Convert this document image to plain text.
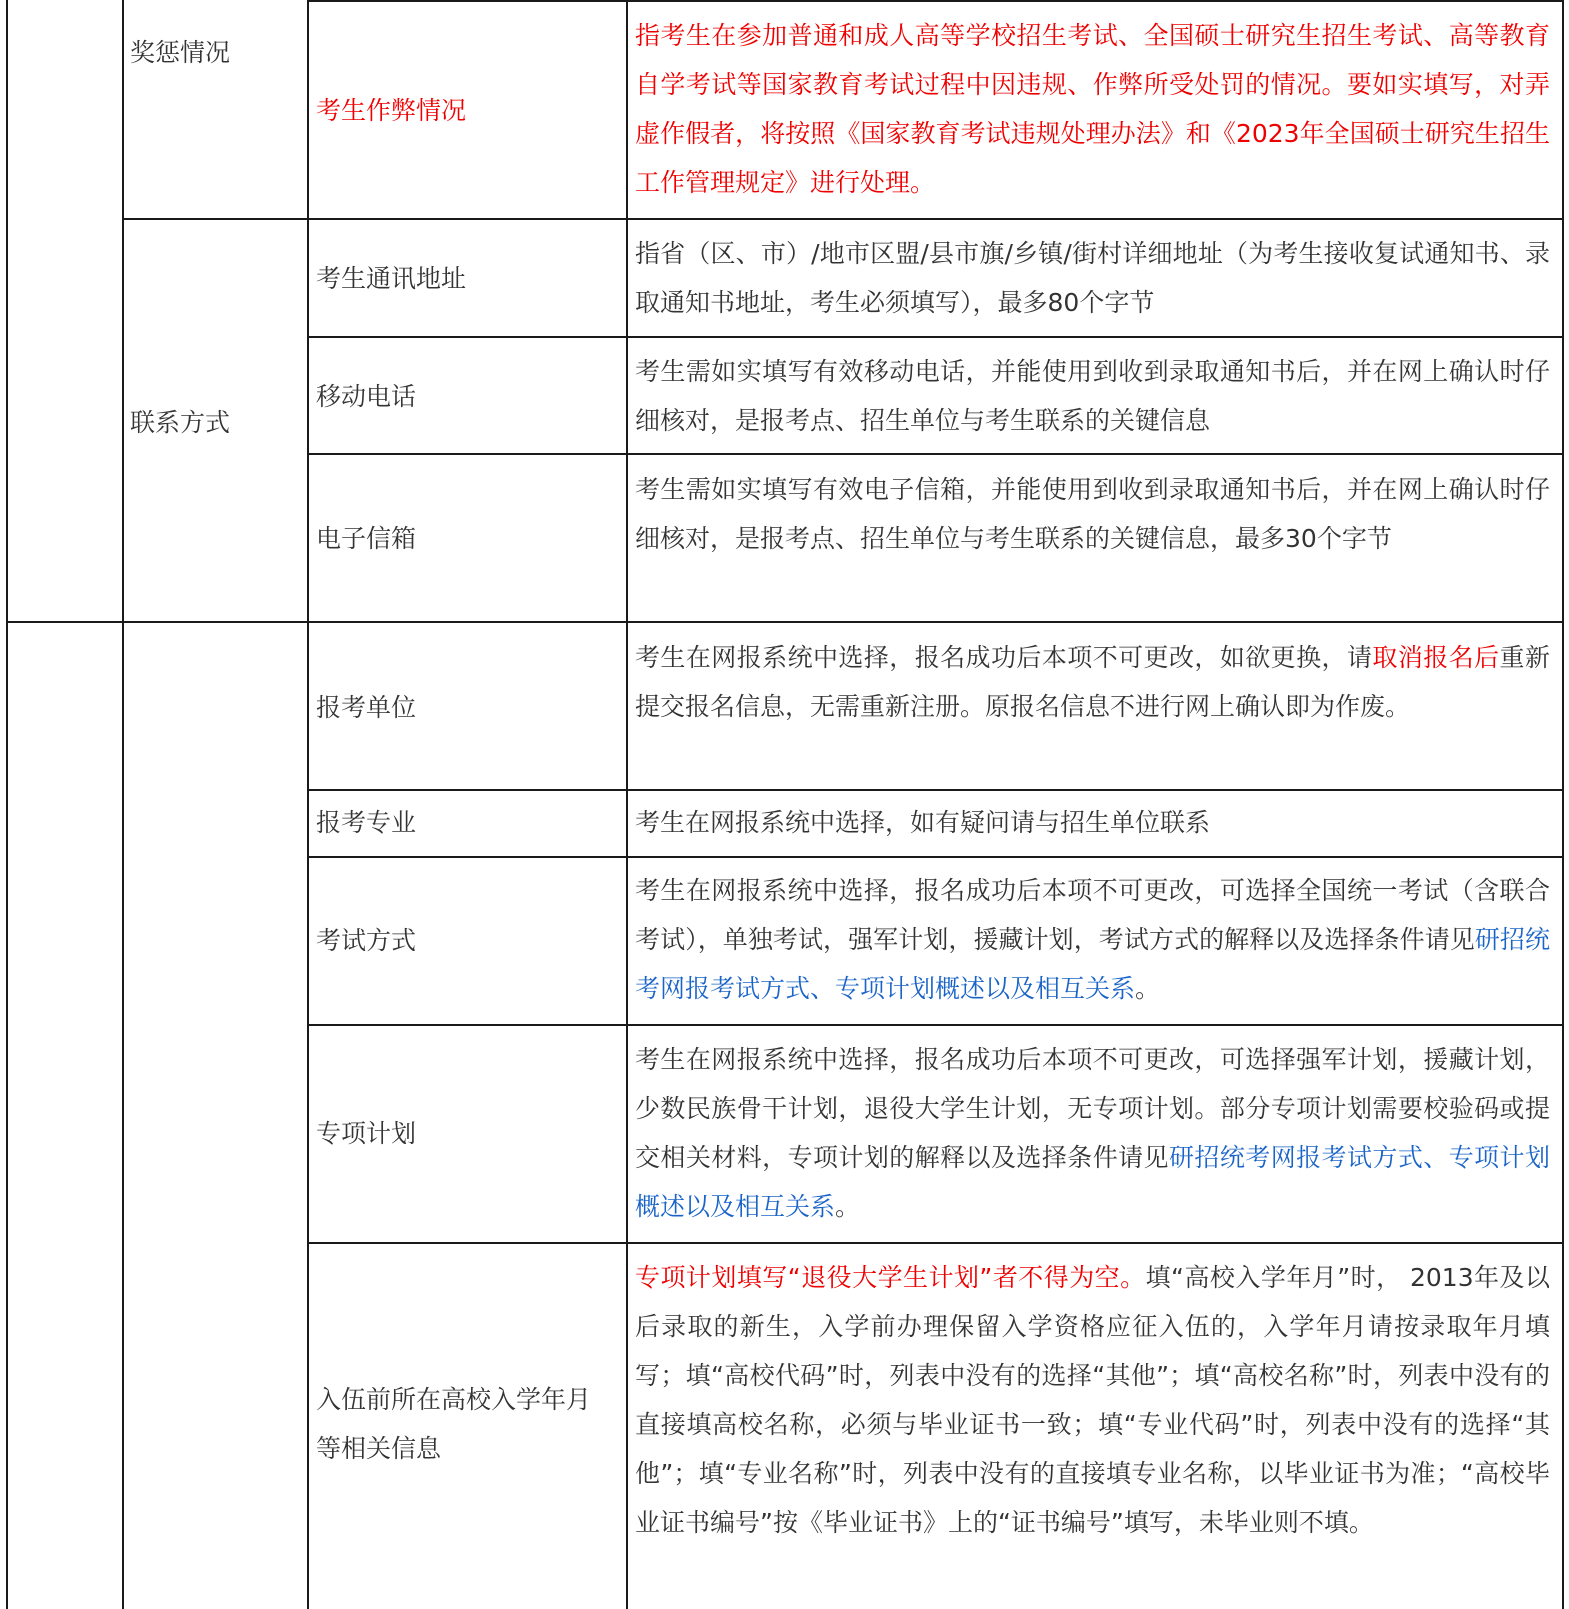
奖惩情况
考生作弊情况
指考生在参加普通和成人高等学校招生考试、全国硕士研究生招生考试、高等教育自学考试等国家教育考试过程中因违规、作弊所受处罚的情况。要如实填写，对弄虚作假者，将按照《国家教育考试违规处理办法》和《2023年全国硕士研究生招生工作管理规定》进行处理。
联系方式
考生通讯地址
指省（区、市）/地市区盟/县市旗/乡镇/街村详细地址（为考生接收复试通知书、录取通知书地址，考生必须填写），最多80个字节
移动电话
考生需如实填写有效移动电话，并能使用到收到录取通知书后，并在网上确认时仔细核对，是报考点、招生单位与考生联系的关键信息
电子信箱
考生需如实填写有效电子信箱，并能使用到收到录取通知书后，并在网上确认时仔细核对，是报考点、招生单位与考生联系的关键信息，最多30个字节
报考单位
考生在网报系统中选择，报名成功后本项不可更改，如欲更换，请取消报名后重新提交报名信息，无需重新注册。原报名信息不进行网上确认即为作废。
报考专业	考生在网报系统中选择，如有疑问请与招生单位联系
考试方式
考生在网报系统中选择，报名成功后本项不可更改，可选择全国统一考试（含联合考试），单独考试，强军计划，援藏计划，考试方式的解释以及选择条件请见研招统考网报考试方式、专项计划概述以及相互关系。
专项计划
考生在网报系统中选择，报名成功后本项不可更改，可选择强军计划，援藏计划，少数民族骨干计划，退役大学生计划，无专项计划。部分专项计划需要校验码或提交相关材料，专项计划的解释以及选择条件请见研招统考网报考试方式、专项计划概述以及相互关系。
入伍前所在高校入学年月等相关信息
专项计划填写“退役大学生计划”者不得为空。填“高校入学年月”时， 2013年及以后录取的新生，入学前办理保留入学资格应征入伍的，入学年月请按录取年月填写；填“高校代码”时，列表中没有的选择“其他”；填“高校名称”时，列表中没有的直接填高校名称，必须与毕业证书一致；填“专业代码”时，列表中没有的选择“其他”；填“专业名称”时，列表中没有的直接填专业名称，以毕业证书为准；“高校毕业证书编号”按《毕业证书》上的“证书编号”填写，未毕业则不填。
